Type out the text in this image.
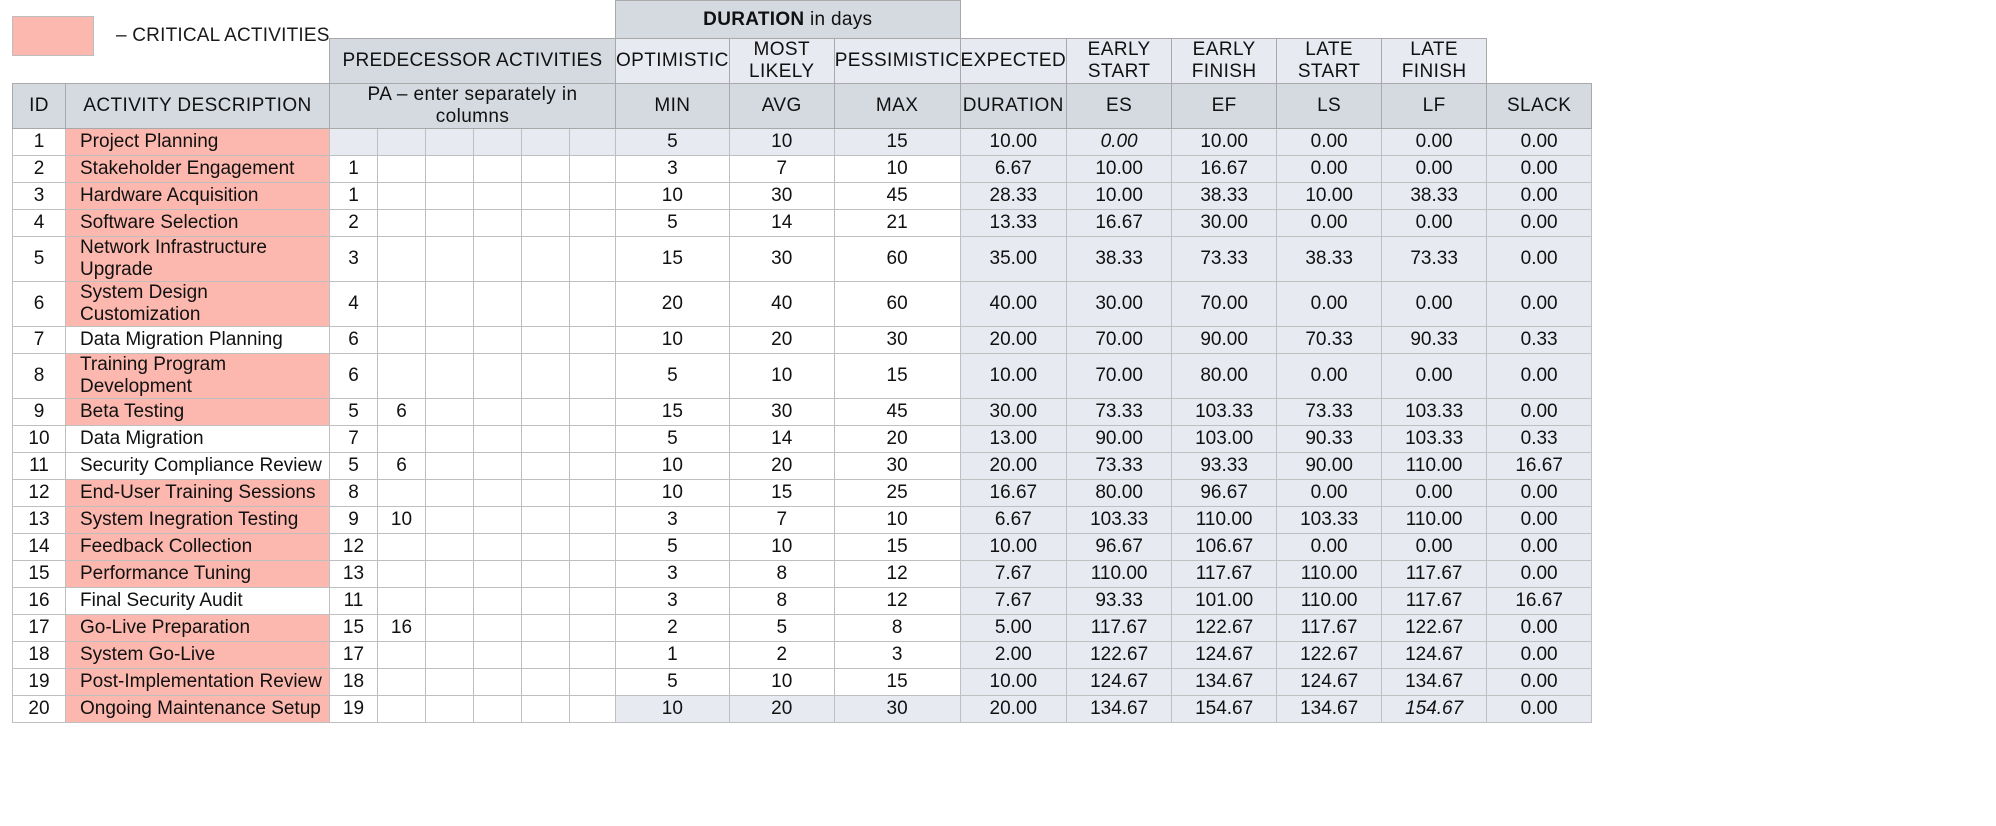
– CRITICAL ACTIVITIES
								DURATION in days								
		PREDECESSOR ACTIVITIES						OPTIMISTIC	MOST LIKELY	PESSIMISTIC	EXPECTED	EARLY START	EARLY FINISH	LATE START	LATE FINISH	
ID	ACTIVITY DESCRIPTION	PA – enter separately in columns						MIN	AVG	MAX	DURATION	ES	EF	LS	LF	SLACK
1	Project Planning							5	10	15	10.00	0.00	10.00	0.00	0.00	0.00
2	Stakeholder Engagement	1						3	7	10	6.67	10.00	16.67	0.00	0.00	0.00
3	Hardware Acquisition	1						10	30	45	28.33	10.00	38.33	10.00	38.33	0.00
4	Software Selection	2						5	14	21	13.33	16.67	30.00	0.00	0.00	0.00
5	Network Infrastructure Upgrade	3						15	30	60	35.00	38.33	73.33	38.33	73.33	0.00
6	System Design Customization	4						20	40	60	40.00	30.00	70.00	0.00	0.00	0.00
7	Data Migration Planning	6						10	20	30	20.00	70.00	90.00	70.33	90.33	0.33
8	Training Program Development	6						5	10	15	10.00	70.00	80.00	0.00	0.00	0.00
9	Beta Testing	5	6					15	30	45	30.00	73.33	103.33	73.33	103.33	0.00
10	Data Migration	7						5	14	20	13.00	90.00	103.00	90.33	103.33	0.33
11	Security Compliance Review	5	6					10	20	30	20.00	73.33	93.33	90.00	110.00	16.67
12	End-User Training Sessions	8						10	15	25	16.67	80.00	96.67	0.00	0.00	0.00
13	System Inegration Testing	9	10					3	7	10	6.67	103.33	110.00	103.33	110.00	0.00
14	Feedback Collection	12						5	10	15	10.00	96.67	106.67	0.00	0.00	0.00
15	Performance Tuning	13						3	8	12	7.67	110.00	117.67	110.00	117.67	0.00
16	Final Security Audit	11						3	8	12	7.67	93.33	101.00	110.00	117.67	16.67
17	Go-Live Preparation	15	16					2	5	8	5.00	117.67	122.67	117.67	122.67	0.00
18	System Go-Live	17						1	2	3	2.00	122.67	124.67	122.67	124.67	0.00
19	Post-Implementation Review	18						5	10	15	10.00	124.67	134.67	124.67	134.67	0.00
20	Ongoing Maintenance Setup	19						10	20	30	20.00	134.67	154.67	134.67	154.67	0.00
